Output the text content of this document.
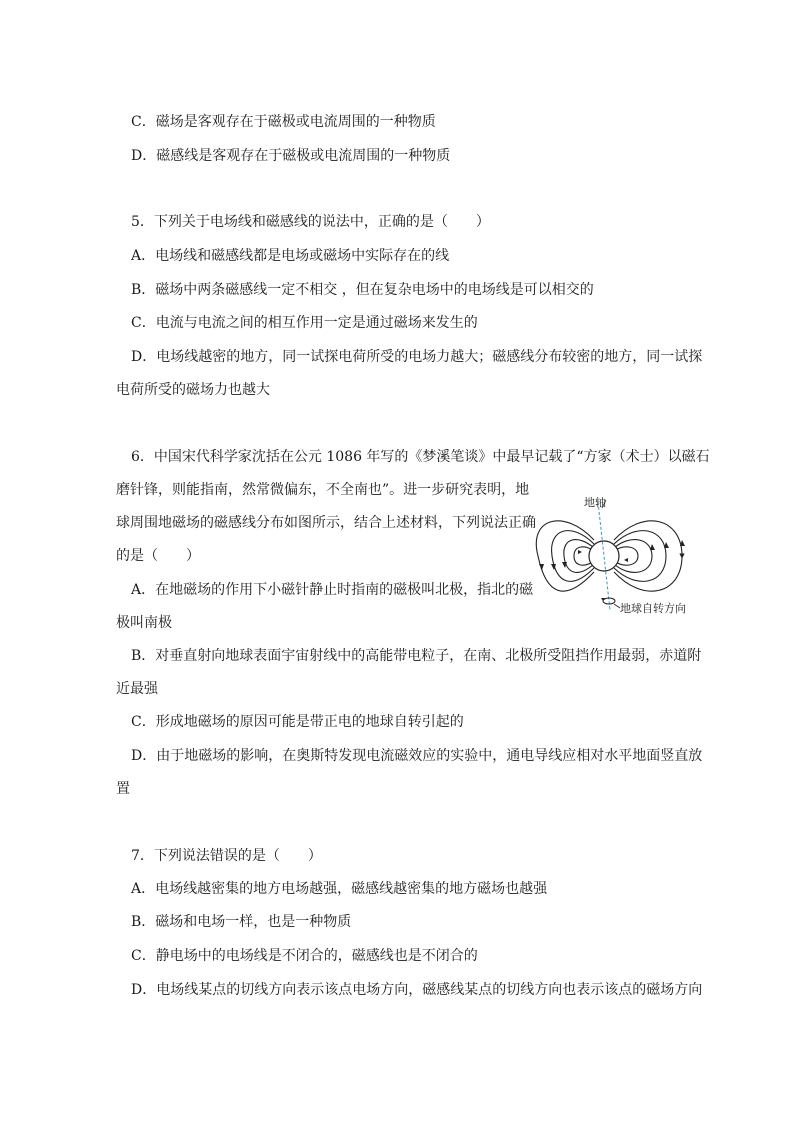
C．磁场是客观存在于磁极或电流周围的一种物质
D．磁感线是客观存在于磁极或电流周围的一种物质
5．下列关于电场线和磁感线的说法中，正确的是（　　）
A．电场线和磁感线都是电场或磁场中实际存在的线
B．磁场中两条磁感线一定不相交 ，但在复杂电场中的电场线是可以相交的
C．电流与电流之间的相互作用一定是通过磁场来发生的
D．电场线越密的地方，同一试探电荷所受的电场力越大；磁感线分布较密的地方，同一试探
电荷所受的磁场力也越大
6．中国宋代科学家沈括在公元 1086 年写的《梦溪笔谈》中最早记载了“方家（术士）以磁石
磨针锋，则能指南，然常微偏东，不全南也”。进一步研究表明，地
球周围地磁场的磁感线分布如图所示，结合上述材料，下列说法正确
的是（　　）
A．在地磁场的作用下小磁针静止时指南的磁极叫北极，指北的磁
极叫南极
B．对垂直射向地球表面宇宙射线中的高能带电粒子，在南、北极所受阻挡作用最弱，赤道附
近最强
C．形成地磁场的原因可能是带正电的地球自转引起的
D．由于地磁场的影响，在奥斯特发现电流磁效应的实验中，通电导线应相对水平地面竖直放
置
地轴
地球自转方向
7．下列说法错误的是（　　）
A．电场线越密集的地方电场越强，磁感线越密集的地方磁场也越强
B．磁场和电场一样，也是一种物质
C．静电场中的电场线是不闭合的，磁感线也是不闭合的
D．电场线某点的切线方向表示该点电场方向，磁感线某点的切线方向也表示该点的磁场方向
